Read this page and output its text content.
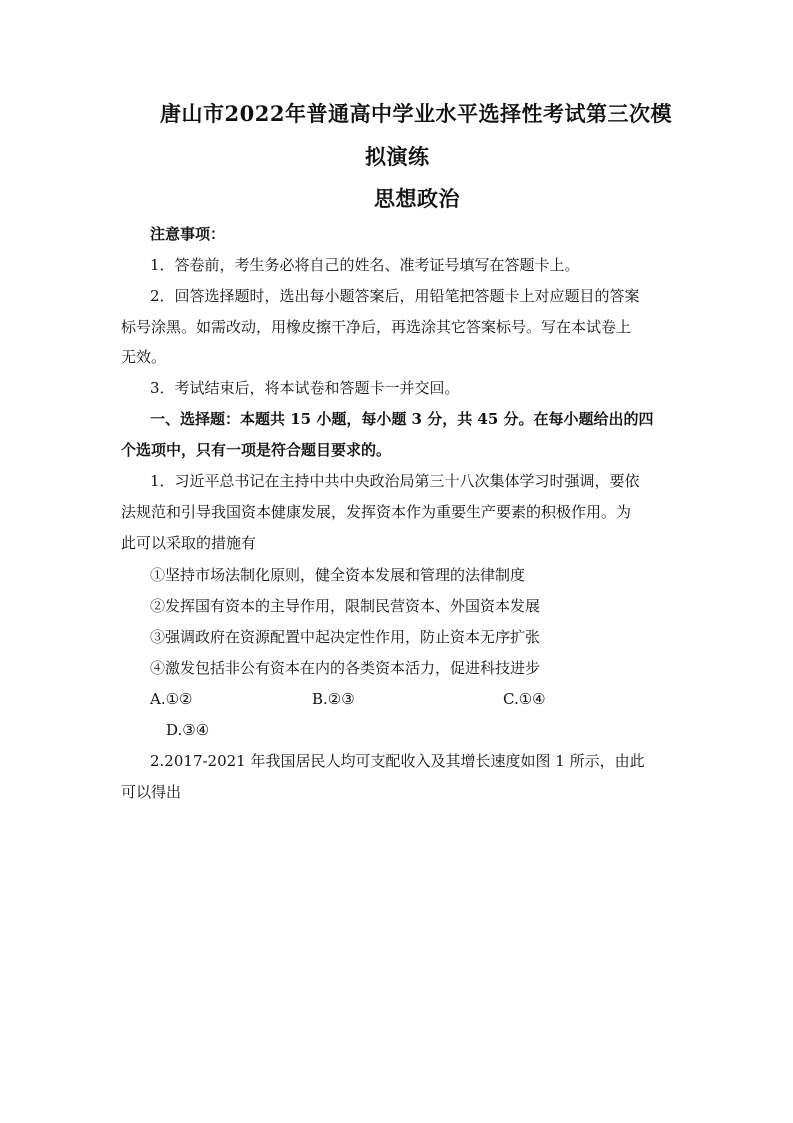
唐山市2022年普通高中学业水平选择性考试第三次模
拟演练
思想政治
注意事项：
1．答卷前，考生务必将自己的姓名、准考证号填写在答题卡上。
2．回答选择题时，选出每小题答案后，用铅笔把答题卡上对应题目的答案
标号涂黑。如需改动，用橡皮擦干净后，再选涂其它答案标号。写在本试卷上
无效。
3．考试结束后，将本试卷和答题卡一并交回。
一、选择题：本题共 15 小题，每小题 3 分，共 45 分。在每小题给出的四
个选项中，只有一项是符合题目要求的。
1．习近平总书记在主持中共中央政治局第三十八次集体学习时强调，要依
法规范和引导我国资本健康发展，发挥资本作为重要生产要素的积极作用。为
此可以采取的措施有
①坚持市场法制化原则，健全资本发展和管理的法律制度
②发挥国有资本的主导作用，限制民营资本、外国资本发展
③强调政府在资源配置中起决定性作用，防止资本无序扩张
④激发包括非公有资本在内的各类资本活力，促进科技进步
A.①②	B.②③	C.①④
D.③④
2.2017-2021 年我国居民人均可支配收入及其增长速度如图 1 所示，由此
可以得出
